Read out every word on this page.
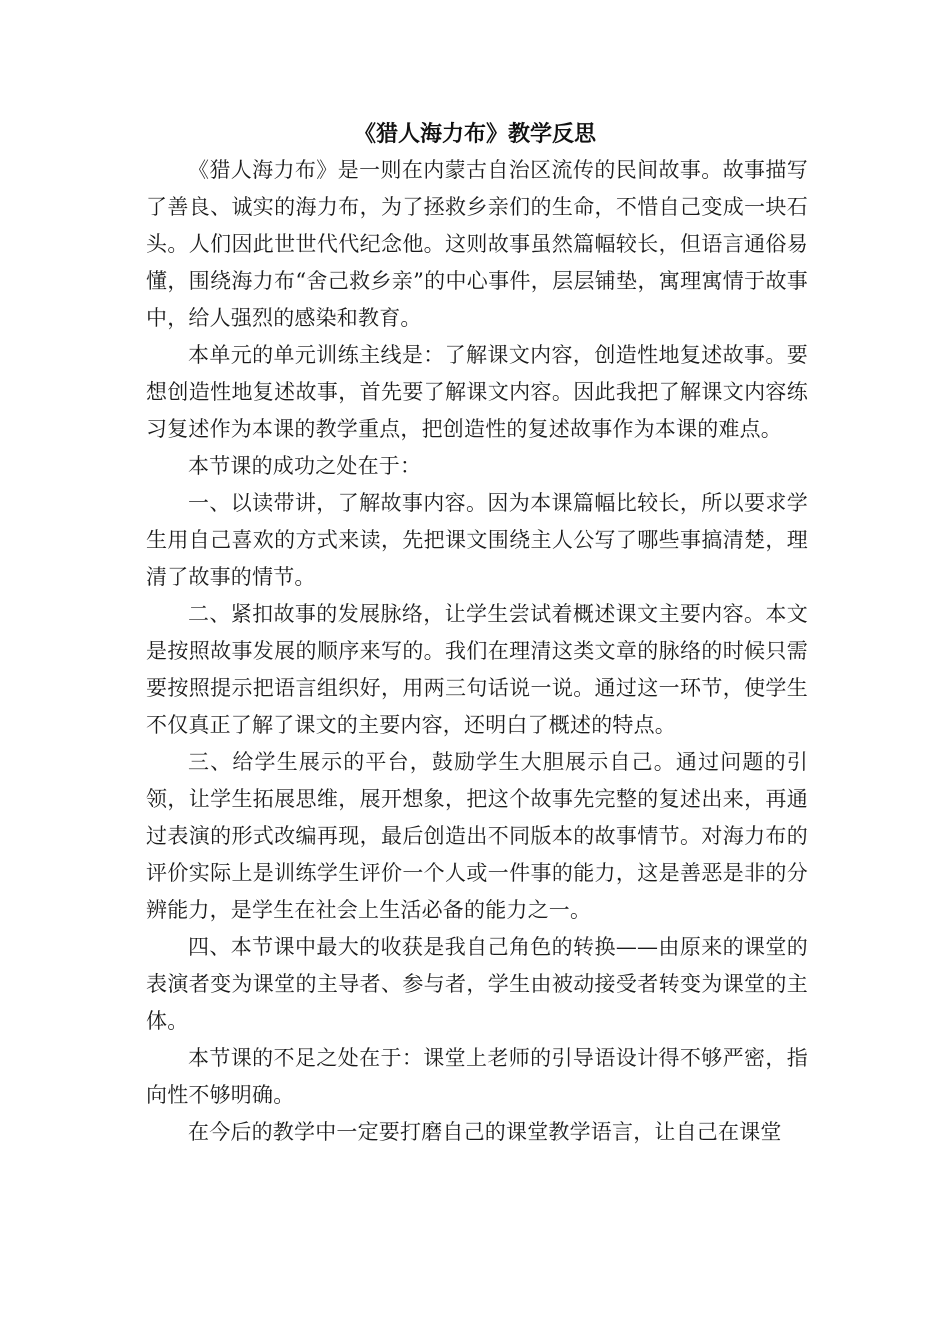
《猎人海力布》教学反思

《猎人海力布》是一则在内蒙古自治区流传的民间故事。故事描写了善良、诚实的海力布，为了拯救乡亲们的生命，不惜自己变成一块石头。人们因此世世代代纪念他。这则故事虽然篇幅较长，但语言通俗易懂，围绕海力布“舍己救乡亲”的中心事件，层层铺垫，寓理寓情于故事中，给人强烈的感染和教育。

本单元的单元训练主线是：了解课文内容，创造性地复述故事。要想创造性地复述故事，首先要了解课文内容。因此我把了解课文内容练习复述作为本课的教学重点，把创造性的复述故事作为本课的难点。

本节课的成功之处在于：

一、以读带讲，了解故事内容。因为本课篇幅比较长，所以要求学生用自己喜欢的方式来读，先把课文围绕主人公写了哪些事搞清楚，理清了故事的情节。

二、紧扣故事的发展脉络，让学生尝试着概述课文主要内容。本文是按照故事发展的顺序来写的。我们在理清这类文章的脉络的时候只需要按照提示把语言组织好，用两三句话说一说。通过这一环节，使学生不仅真正了解了课文的主要内容，还明白了概述的特点。

三、给学生展示的平台，鼓励学生大胆展示自己。通过问题的引领，让学生拓展思维，展开想象，把这个故事先完整的复述出来，再通过表演的形式改编再现，最后创造出不同版本的故事情节。对海力布的评价实际上是训练学生评价一个人或一件事的能力，这是善恶是非的分辨能力，是学生在社会上生活必备的能力之一。

四、本节课中最大的收获是我自己角色的转换——由原来的课堂的表演者变为课堂的主导者、参与者，学生由被动接受者转变为课堂的主体。

本节课的不足之处在于：课堂上老师的引导语设计得不够严密，指向性不够明确。

在今后的教学中一定要打磨自己的课堂教学语言，让自己在课堂
